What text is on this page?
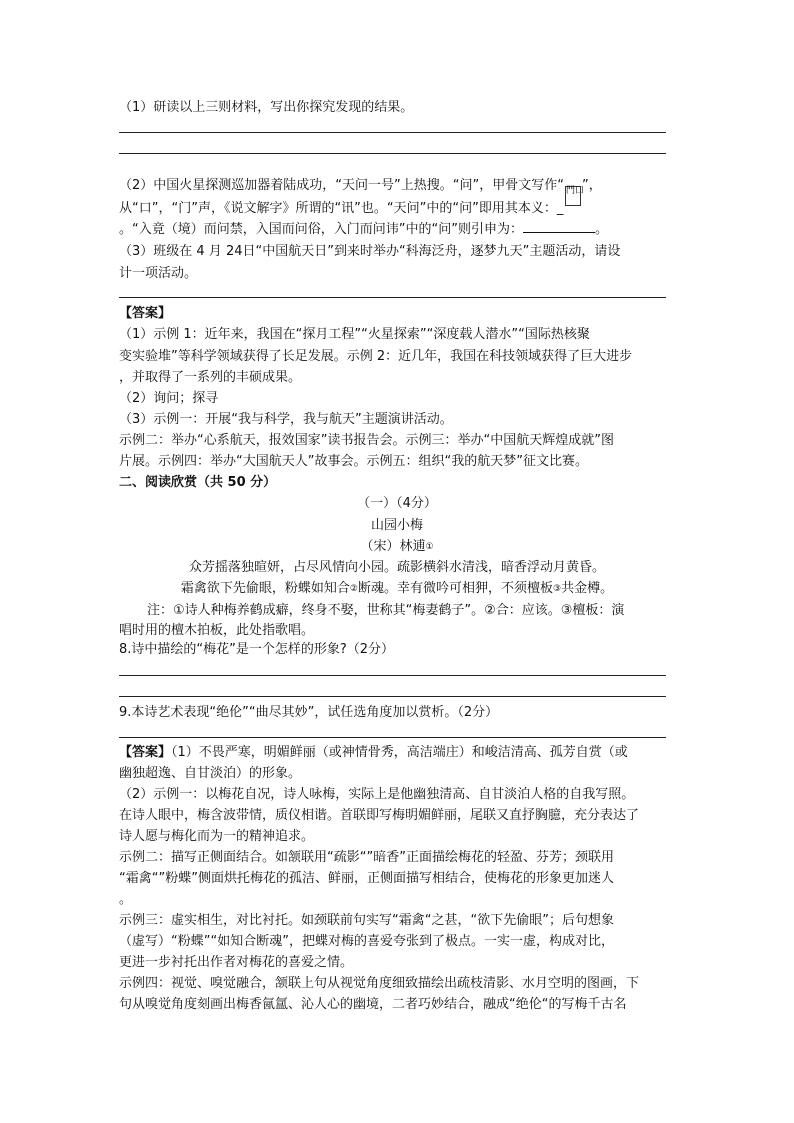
（1）研读以上三则材料，写出你探究发现的结果。
（2）中国火星探测巡加器着陆成功，“天问一号”上热搜。“问”，甲骨文写作“ 門口”，
从“口”，“门”声，《说文解字》所谓的“讯”也。“天问”中的“问”即用其本义：_
。“入竟（境）而问禁，入国而问俗，入门而问讳”中的“问”则引申为：	。
（3）班级在 4 月 24日“中国航天日”到来时举办“科海泛舟，逐梦九天”主题活动，请设
计一项活动。
【答案】
（1）示例 1：近年来，我国在“探月工程”“火星探索”“深度载人潜水”“国际热核聚
变实验堆”等科学领域获得了长足发展。示例 2：近几年，我国在科技领域获得了巨大进步
，并取得了一系列的丰硕成果。
（2）询问；探寻
（3）示例一：开展“我与科学，我与航天”主题演讲活动。
示例二：举办“心系航天，报效国家”读书报告会。示例三：举办“中国航天辉煌成就”图
片展。示例四：举办“大国航天人”故事会。示例五：组织“我的航天梦”征文比赛。
二、阅读欣赏（共 50 分）
（一）（4分）
山园小梅
（宋）林逋①
众芳摇落独暄妍，占尽风情向小园。疏影横斜水清浅，暗香浮动月黄昏。
霜禽欲下先偷眼，粉蝶如知合②断魂。幸有微吟可相狎，不须檀板③共金樽。
注：①诗人种梅养鹤成癖，终身不娶，世称其“梅妻鹤子”。②合：应该。③檀板：演
唱时用的檀木拍板，此处指歌唱。
8.诗中描绘的“梅花”是一个怎样的形象?（2分）
9.本诗艺术表现“绝伦”“曲尽其妙”，试任选角度加以赏析。（2分）
【答案】（1）不畏严寒，明媚鲜丽（或神情骨秀，高洁端庄）和峻洁清高、孤芳自赏（或
幽独超逸、自甘淡泊）的形象。
（2）示例一：以梅花自况，诗人咏梅，实际上是他幽独清高、自甘淡泊人格的自我写照。
在诗人眼中，梅含波带情，质仪相谐。首联即写梅明媚鲜丽，尾联又直抒胸臆，充分表达了
诗人愿与梅化而为一的精神追求。
示例二：描写正侧面结合。如颔联用“疏影“”暗香”正面描绘梅花的轻盈、芬芳；颈联用
“霜禽“”粉蝶”侧面烘托梅花的孤洁、鲜丽，正侧面描写相结合，使梅花的形象更加迷人
。
示例三：虚实相生，对比衬托。如颈联前句实写“霜禽“之甚，“欲下先偷眼”；后句想象
（虚写）“粉蝶”“如知合断魂”，把蝶对梅的喜爱夸张到了极点。一实一虚，构成对比，
更进一步衬托出作者对梅花的喜爱之情。
示例四：视觉、嗅觉融合，颔联上句从视觉角度细致描绘出疏枝清影、水月空明的图画，下
句从嗅觉角度刻画出梅香氤氲、沁人心的幽境，二者巧妙结合，融成“绝伦“的写梅千古名
